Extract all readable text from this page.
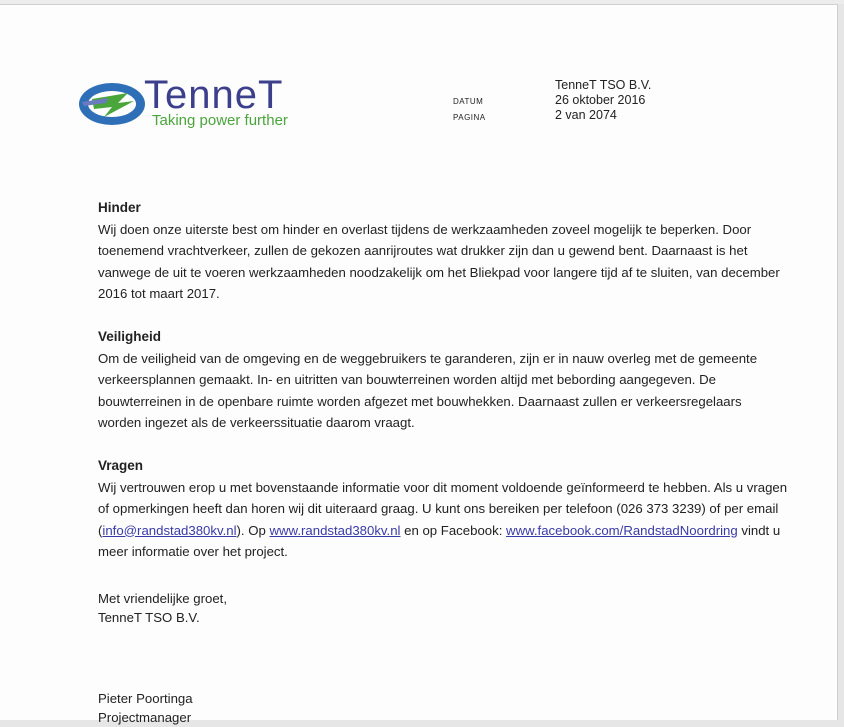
TenneT
Taking power further
DATUM
PAGINA
TenneT TSO B.V.
26 oktober 2016
2 van 2074
Hinder

Wij doen onze uiterste best om hinder en overlast tijdens de werkzaamheden zoveel mogelijk te beperken. Door toenemend vrachtverkeer, zullen de gekozen aanrijroutes wat drukker zijn dan u gewend bent. Daarnaast is het vanwege de uit te voeren werkzaamheden noodzakelijk om het Bliekpad voor langere tijd af te sluiten, van december 2016 tot maart 2017.

Veiligheid

Om de veiligheid van de omgeving en de weggebruikers te garanderen, zijn er in nauw overleg met de gemeente verkeersplannen gemaakt. In- en uitritten van bouwterreinen worden altijd met bebording aangegeven. De bouwterreinen in de openbare ruimte worden afgezet met bouwhekken. Daarnaast zullen er verkeersregelaars worden ingezet als de verkeerssituatie daarom vraagt.

Vragen

Wij vertrouwen erop u met bovenstaande informatie voor dit moment voldoende geïnformeerd te hebben. Als u vragen of opmerkingen heeft dan horen wij dit uiteraard graag. U kunt ons bereiken per telefoon (026 373 3239) of per email (info@randstad380kv.nl). Op www.randstad380kv.nl en op Facebook: www.facebook.com/RandstadNoordring vindt u meer informatie over het project.

Met vriendelijke groet,
TenneT TSO B.V.
Pieter Poortinga
Projectmanager
